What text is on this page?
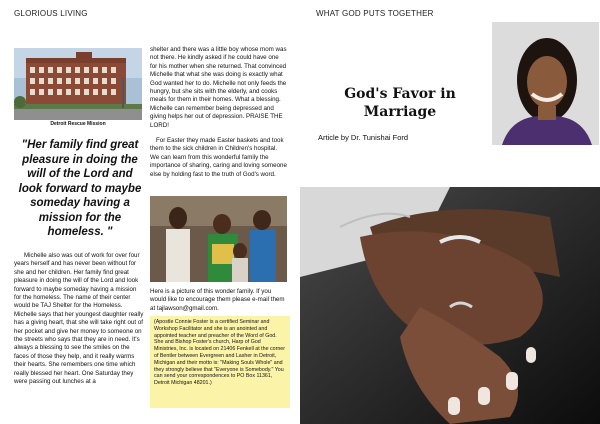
GLORIOUS LIVING	WHAT GOD PUTS TOGETHER
Detroit Rescue Mission
"Her family find great pleasure in doing the will of the Lord and look forward to maybe someday having a mission for the homeless. "
Michelle also was out of work for over four years herself and has never been without for she and her children. Her family find great pleasure in doing the will of the Lord and look forward to maybe someday having a mission for the homeless. The name of their center would be TAJ Shelter for the Homeless. Michelle says that her youngest daughter really has a giving heart, that she will take right out of her pocket and give her money to someone on the streets who says that they are in need. It's always a blessing to see the smiles on the faces of those they help, and it really warms their hearts. She remembers one time which really blessed her heart. One Saturday they were passing out lunches at a
shelter and there was a little boy whose mom was not there. He kindly asked if he could have one for his mother when she returned. That convinced Michelle that what she was doing is exactly what God wanted her to do. Michelle not only feeds the hungry, but she sits with the elderly, and cooks meals for them in their homes. What a blessing. Michelle can remember being depressed and giving helps her out of depression. PRAISE THE LORD!
For Easter they made Easter baskets and took them to the sick children in Children's hospital. We can learn from this wonderful family the importance of sharing, caring and loving someone else by holding fast to the truth of God's word.
Here is a picture of this wonder family. If you would like to encourage them please e-mail them at tajlawson@gmail.com.
(Apostle Connie Foster is a certified Seminar and Workshop Facilitator and she is an anointed and appointed teacher and preacher of the Word of God. She and Bishop Foster's church, Harp of God Ministries, Inc. is located on 21406 Fenkell at the corner of Bentler between Evergreen and Lasher in Detroit, Michigan and their motto is: "Making Souls Whole" and they strongly believe that "Everyone is Somebody." You can send your correspondences to PO Box 11361, Detroit Michigan 48201.)
God's Favor in Marriage
Article by Dr. Tunishai Ford
